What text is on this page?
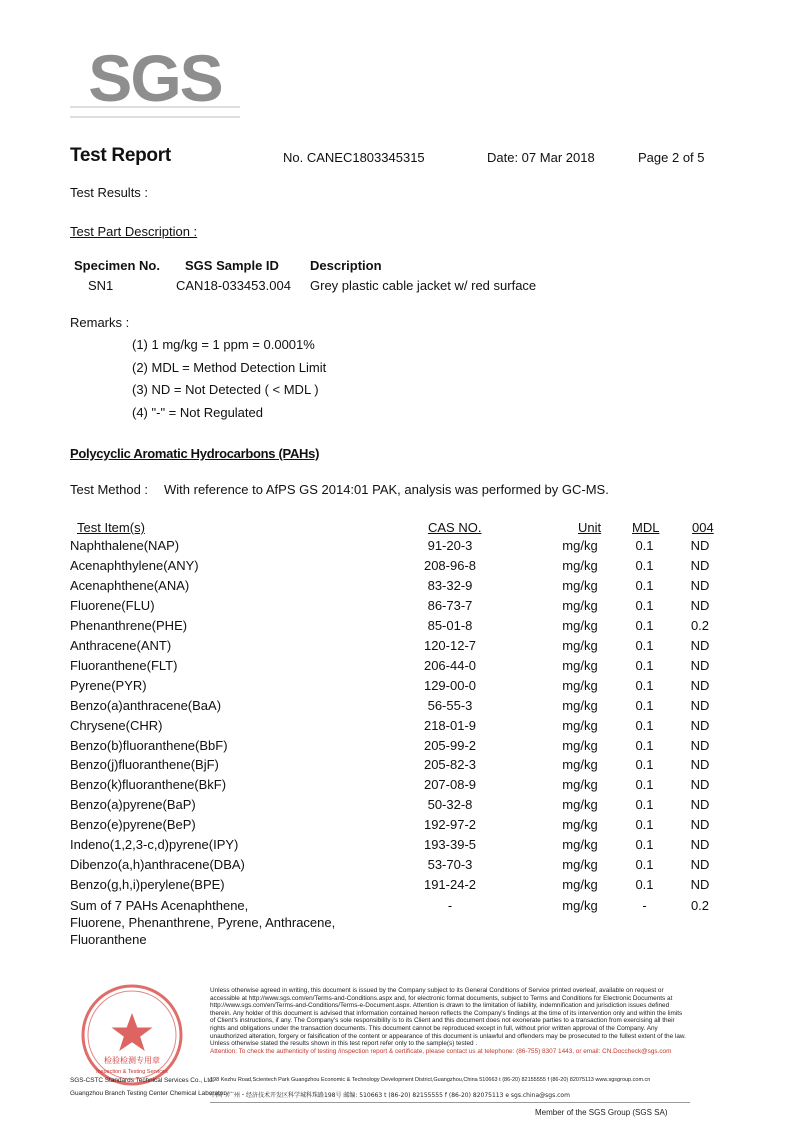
SGS
Test Report	No. CANEC1803345315	Date: 07 Mar 2018	Page 2 of 5
Test Results :
Test Part Description :
Specimen No. SGS Sample ID Description
SN1	CAN18-033453.004 Grey plastic cable jacket w/ red surface
Remarks :
(1) 1 mg/kg = 1 ppm = 0.0001%
(2) MDL = Method Detection Limit
(3) ND = Not Detected ( < MDL )
(4) "-" = Not Regulated
Polycyclic Aromatic Hydrocarbons (PAHs)
Test Method : With reference to AfPS GS 2014:01 PAK, analysis was performed by GC-MS.
Test Item(s)	CAS NO.	Unit MDL	004
Naphthalene(NAP)	91-20-3	mg/kg	0.1	ND
Acenaphthylene(ANY)	208-96-8	mg/kg	0.1	ND
Acenaphthene(ANA)	83-32-9	mg/kg	0.1	ND
Fluorene(FLU)	86-73-7	mg/kg	0.1	ND
Phenanthrene(PHE)	85-01-8	mg/kg	0.1	0.2
Anthracene(ANT)	120-12-7	mg/kg	0.1	ND
Fluoranthene(FLT)	206-44-0	mg/kg	0.1	ND
Pyrene(PYR)	129-00-0	mg/kg	0.1	ND
Benzo(a)anthracene(BaA)	56-55-3	mg/kg	0.1	ND
Chrysene(CHR)	218-01-9	mg/kg	0.1	ND
Benzo(b)fluoranthene(BbF)	205-99-2	mg/kg	0.1	ND
Benzo(j)fluoranthene(BjF)	205-82-3	mg/kg	0.1	ND
Benzo(k)fluoranthene(BkF)	207-08-9	mg/kg	0.1	ND
Benzo(a)pyrene(BaP)	50-32-8	mg/kg	0.1	ND
Benzo(e)pyrene(BeP)	192-97-2	mg/kg	0.1	ND
Indeno(1,2,3-c,d)pyrene(IPY)	193-39-5	mg/kg	0.1	ND
Dibenzo(a,h)anthracene(DBA)	53-70-3	mg/kg	0.1	ND
Benzo(g,h,i)perylene(BPE)	191-24-2	mg/kg	0.1	ND
Sum of 7 PAHs Acenaphthene,
Fluorene, Phenanthrene, Pyrene, Anthracene,
Fluoranthene
-	mg/kg	-	0.2
检验检测专用章
Inspection & Testing Services
SGS-CSTC Standards Technical Services Co., Ltd.
Guangzhou Branch Testing Center Chemical Laboratory
Unless otherwise agreed in writing, this document is issued by the Company subject to its General Conditions of Service printed overleaf, available on request or accessible at http://www.sgs.com/en/Terms-and-Conditions.aspx and, for electronic format documents, subject to Terms and Conditions for Electronic Documents at http://www.sgs.com/en/Terms-and-Conditions/Terms-e-Document.aspx. Attention is drawn to the limitation of liability, indemnification and jurisdiction issues defined therein. Any holder of this document is advised that information contained hereon reflects the Company's findings at the time of its intervention only and within the limits of Client's instructions, if any. The Company's sole responsibility is to its Client and this document does not exonerate parties to a transaction from exercising all their rights and obligations under the transaction documents. This document cannot be reproduced except in full, without prior written approval of the Company. Any unauthorized alteration, forgery or falsification of the content or appearance of this document is unlawful and offenders may be prosecuted to the fullest extent of the law. Unless otherwise stated the results shown in this test report refer only to the sample(s) tested .
Attention: To check the authenticity of testing /inspection report & certificate, please contact us at telephone: (86-755) 8307 1443, or email: CN.Doccheck@sgs.com
198 Kezhu Road,Scientech Park Guangzhou Economic & Technology Development District,Guangzhou,China 510663 t (86-20) 82155555 f (86-20) 82075113 www.sgsgroup.com.cn
中国・广州・经济技术开发区科学城科珠路198号 邮编: 510663 t (86-20) 82155555 f (86-20) 82075113 e sgs.china@sgs.com
Member of the SGS Group (SGS SA)
